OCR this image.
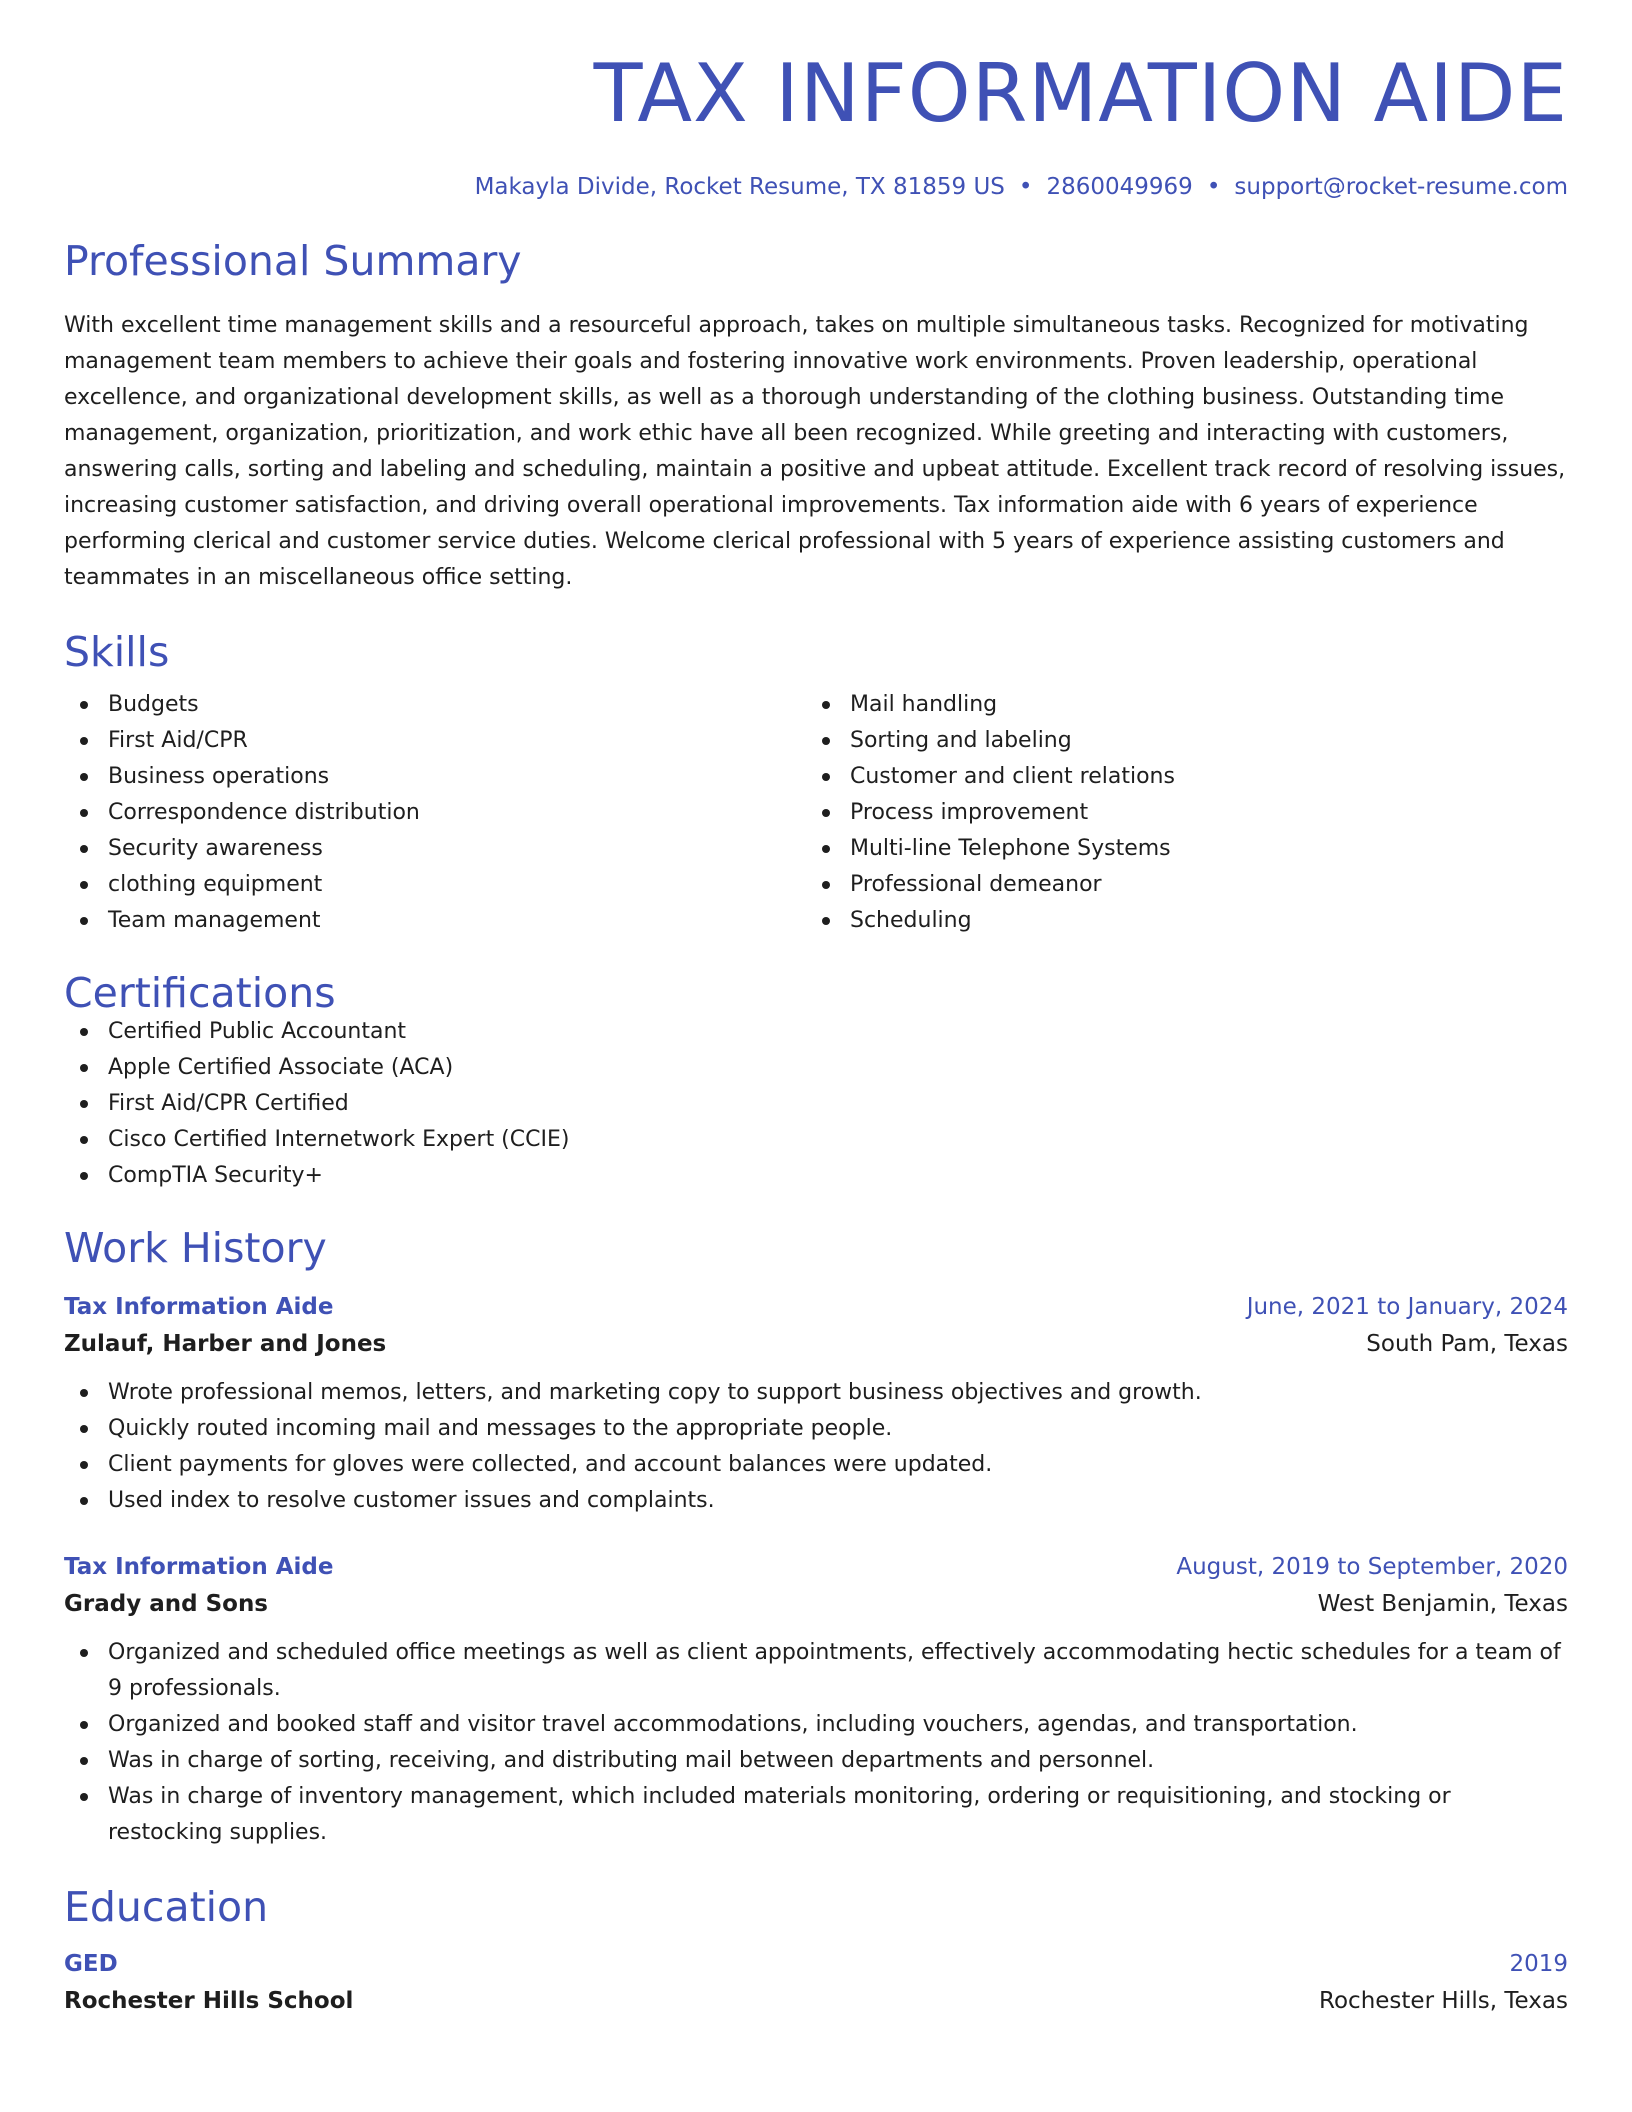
TAX INFORMATION AIDE
Makayla Divide, Rocket Resume, TX 81859 US • 2860049969 • support@rocket-resume.com
Professional Summary
With excellent time management skills and a resourceful approach, takes on multiple simultaneous tasks. Recognized for motivating management team members to achieve their goals and fostering innovative work environments. Proven leadership, operational excellence, and organizational development skills, as well as a thorough understanding of the clothing business. Outstanding time management, organization, prioritization, and work ethic have all been recognized. While greeting and interacting with customers, answering calls, sorting and labeling and scheduling, maintain a positive and upbeat attitude. Excellent track record of resolving issues, increasing customer satisfaction, and driving overall operational improvements. Tax information aide with 6 years of experience performing clerical and customer service duties. Welcome clerical professional with 5 years of experience assisting customers and teammates in an miscellaneous office setting.
Skills
Budgets
First Aid/CPR
Business operations
Correspondence distribution
Security awareness
clothing equipment
Team management
Mail handling
Sorting and labeling
Customer and client relations
Process improvement
Multi-line Telephone Systems
Professional demeanor
Scheduling
Certifications
Certified Public Accountant
Apple Certified Associate (ACA)
First Aid/CPR Certified
Cisco Certified Internetwork Expert (CCIE)
CompTIA Security+
Work History
Tax Information Aide	June, 2021 to January, 2024
Zulauf, Harber and Jones	South Pam, Texas
Wrote professional memos, letters, and marketing copy to support business objectives and growth.
Quickly routed incoming mail and messages to the appropriate people.
Client payments for gloves were collected, and account balances were updated.
Used index to resolve customer issues and complaints.
Tax Information Aide	August, 2019 to September, 2020
Grady and Sons	West Benjamin, Texas
Organized and scheduled office meetings as well as client appointments, effectively accommodating hectic schedules for a team of 9 professionals.
Organized and booked staff and visitor travel accommodations, including vouchers, agendas, and transportation.
Was in charge of sorting, receiving, and distributing mail between departments and personnel.
Was in charge of inventory management, which included materials monitoring, ordering or requisitioning, and stocking or restocking supplies.
Education
GED	2019
Rochester Hills School	Rochester Hills, Texas
